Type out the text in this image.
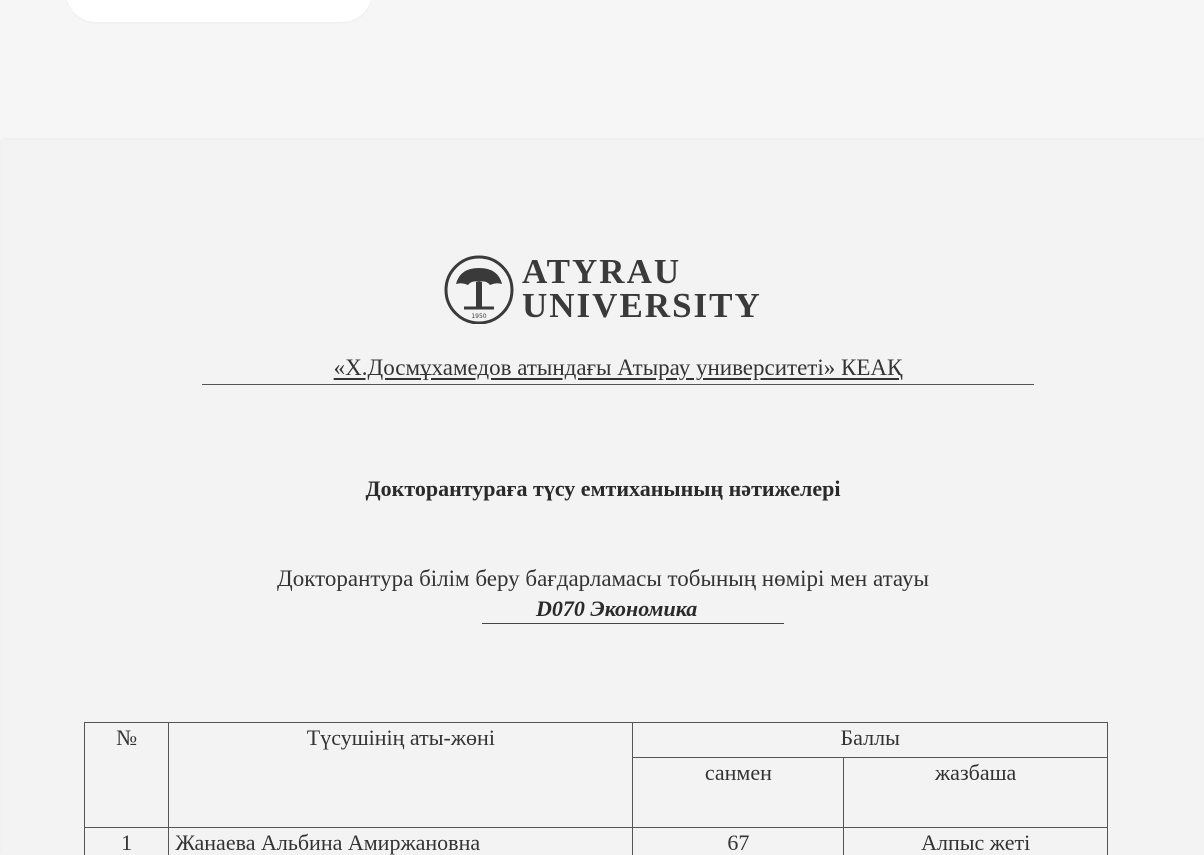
1950
ATYRAU
UNIVERSITY
«Х.Досмұхамедов атындағы Атырау университеті» КЕАҚ
Докторантураға түсу емтиханының нәтижелері
Докторантура білім беру бағдарламасы тобының нөмірі мен атауы
D070 Экономика
№	Түсушінің аты-жөні	Баллы	
		санмен	жазбаша
1	Жанаева Альбина Амиржановна	67	Алпыс жеті
